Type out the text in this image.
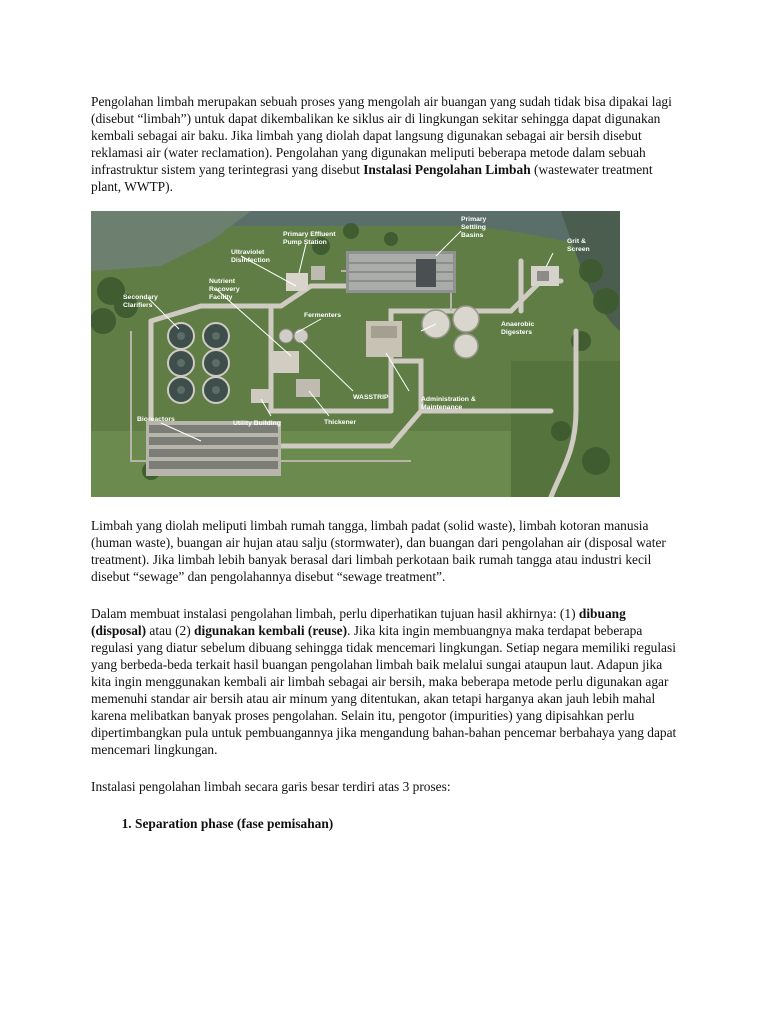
Pengolahan limbah merupakan sebuah proses yang mengolah air buangan yang sudah tidak bisa dipakai lagi (disebut “limbah”) untuk dapat dikembalikan ke siklus air di lingkungan sekitar sehingga dapat digunakan kembali sebagai air baku. Jika limbah yang diolah dapat langsung digunakan sebagai air bersih disebut reklamasi air (water reclamation). Pengolahan yang digunakan meliputi beberapa metode dalam sebuah infrastruktur sistem yang terintegrasi yang disebut Instalasi Pengolahan Limbah (wastewater treatment plant, WWTP).

Primary Settling Basins
Primary Effluent Pump Station	Grit & Screen
Ultraviolet Disinfection
Nutrient Recovery Facility
Secondary Clarifiers
Fermenters
Anaerobic Digesters
WASSTRIP	Administration & Maintenance
Bioreactors
Utility Building	Thickener

Limbah yang diolah meliputi limbah rumah tangga, limbah padat (solid waste), limbah kotoran manusia (human waste), buangan air hujan atau salju (stormwater), dan buangan dari pengolahan air (disposal water treatment). Jika limbah lebih banyak berasal dari limbah perkotaan baik rumah tangga atau industri kecil disebut “sewage” dan pengolahannya disebut “sewage treatment”.

Dalam membuat instalasi pengolahan limbah, perlu diperhatikan tujuan hasil akhirnya: (1) dibuang (disposal) atau (2) digunakan kembali (reuse). Jika kita ingin membuangnya maka terdapat beberapa regulasi yang diatur sebelum dibuang sehingga tidak mencemari lingkungan. Setiap negara memiliki regulasi yang berbeda-beda terkait hasil buangan pengolahan limbah baik melalui sungai ataupun laut. Adapun jika kita ingin menggunakan kembali air limbah sebagai air bersih, maka beberapa metode perlu digunakan agar memenuhi standar air bersih atau air minum yang ditentukan, akan tetapi harganya akan jauh lebih mahal karena melibatkan banyak proses pengolahan. Selain itu, pengotor (impurities) yang dipisahkan perlu dipertimbangkan pula untuk pembuangannya jika mengandung bahan-bahan pencemar berbahaya yang dapat mencemari lingkungan.

Instalasi pengolahan limbah secara garis besar terdiri atas 3 proses:

1. Separation phase (fase pemisahan)
